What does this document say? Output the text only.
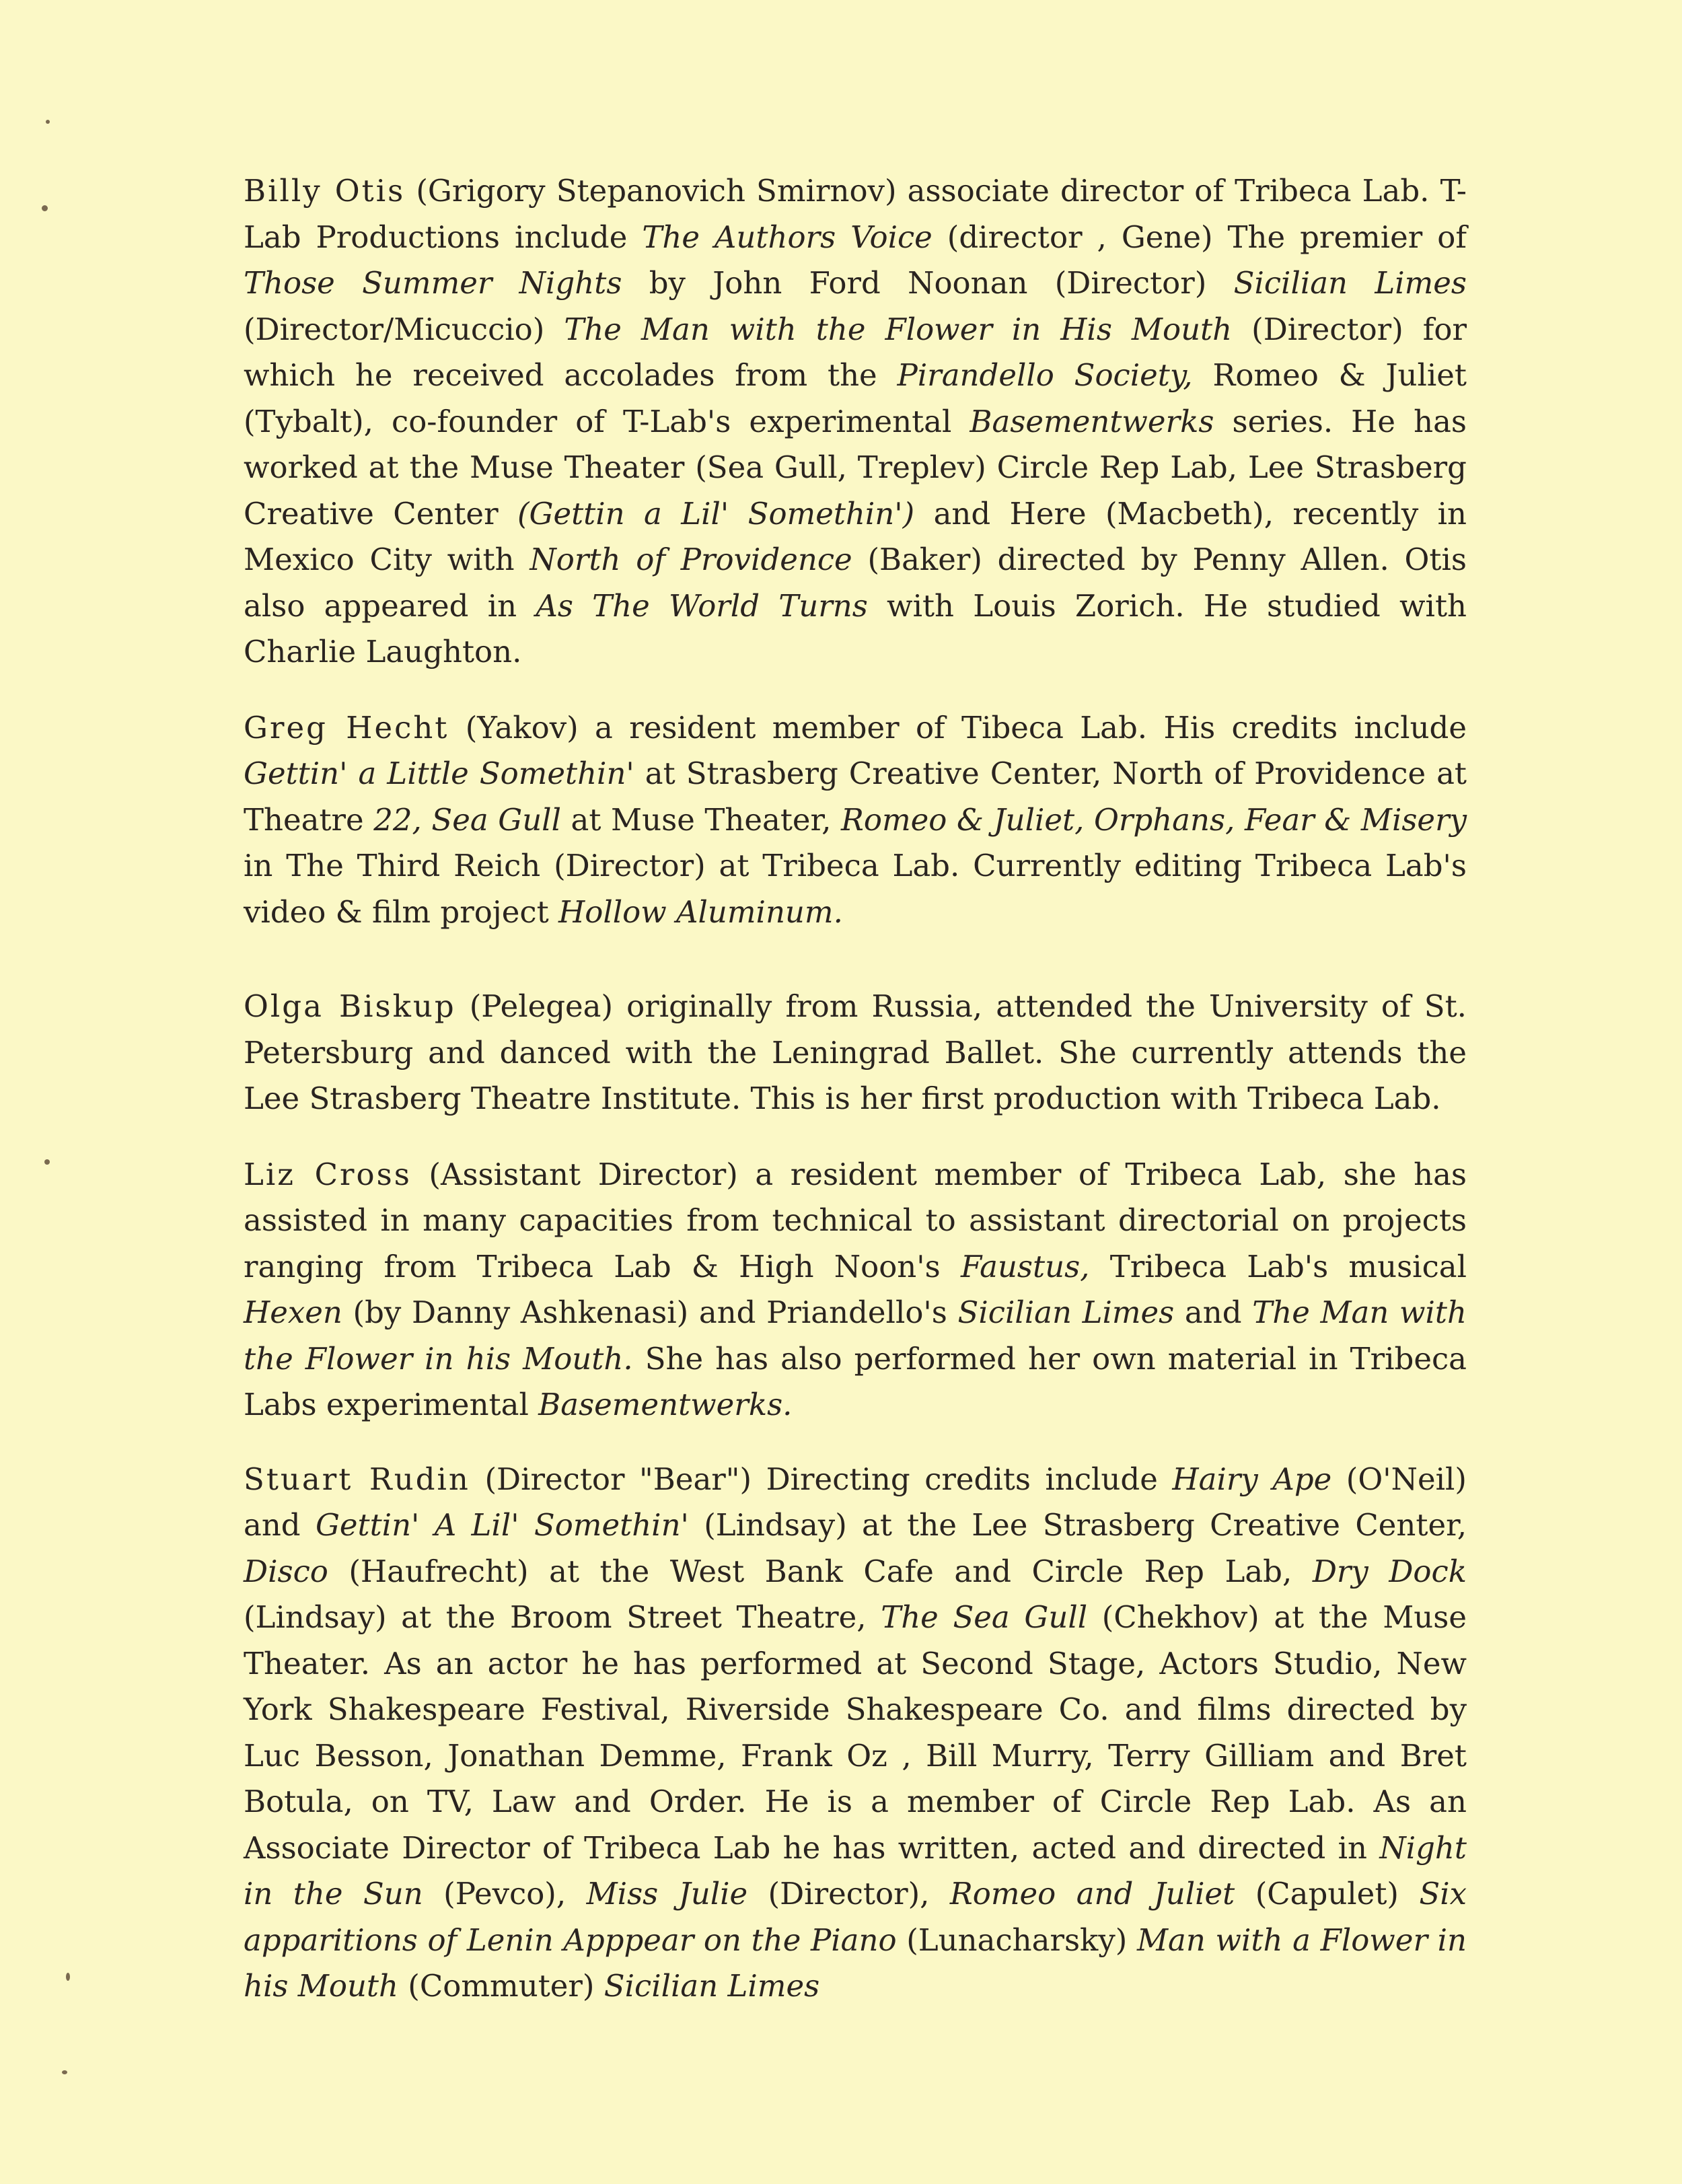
Billy Otis (Grigory Stepanovich Smirnov) associate director of Tribeca Lab. T-Lab Productions include The Authors Voice (director , Gene) The premier of Those Summer Nights by John Ford Noonan (Director) Sicilian Limes (Director/Micuccio) The Man with the Flower in His Mouth (Director) for which he received accolades from the Pirandello Society, Romeo & Juliet (Tybalt), co-founder of T-Lab's experimental Basementwerks series. He has worked at the Muse Theater (Sea Gull, Treplev) Circle Rep Lab, Lee Strasberg Creative Center (Gettin a Lil' Somethin') and Here (Macbeth), recently in Mexico City with North of Providence (Baker) directed by Penny Allen. Otis also appeared in As The World Turns with Louis Zorich. He studied with Charlie Laughton.

Greg Hecht (Yakov) a resident member of Tibeca Lab. His credits include Gettin' a Little Somethin' at Strasberg Creative Center, North of Providence at Theatre 22, Sea Gull at Muse Theater, Romeo & Juliet, Orphans, Fear & Misery in The Third Reich (Director) at Tribeca Lab. Currently editing Tribeca Lab's video & film project Hollow Aluminum.

Olga Biskup (Pelegea) originally from Russia, attended the University of St. Petersburg and danced with the Leningrad Ballet. She currently attends the Lee Strasberg Theatre Institute. This is her first production with Tribeca Lab.

Liz Cross (Assistant Director) a resident member of Tribeca Lab, she has assisted in many capacities from technical to assistant directorial on projects ranging from Tribeca Lab & High Noon's Faustus, Tribeca Lab's musical Hexen (by Danny Ashkenasi) and Priandello's Sicilian Limes and The Man with the Flower in his Mouth. She has also performed her own material in Tribeca Labs experimental Basementwerks.

Stuart Rudin (Director "Bear") Directing credits include Hairy Ape (O'Neil) and Gettin' A Lil' Somethin' (Lindsay) at the Lee Strasberg Creative Center, Disco (Haufrecht) at the West Bank Cafe and Circle Rep Lab, Dry Dock (Lindsay) at the Broom Street Theatre, The Sea Gull (Chekhov) at the Muse Theater. As an actor he has performed at Second Stage, Actors Studio, New York Shakespeare Festival, Riverside Shakespeare Co. and films directed by Luc Besson, Jonathan Demme, Frank Oz , Bill Murry, Terry Gilliam and Bret Botula, on TV, Law and Order. He is a member of Circle Rep Lab. As an Associate Director of Tribeca Lab he has written, acted and directed in Night in the Sun (Pevco), Miss Julie (Director), Romeo and Juliet (Capulet) Six apparitions of Lenin Apppear on the Piano (Lunacharsky) Man with a Flower in his Mouth (Commuter) Sicilian Limes
